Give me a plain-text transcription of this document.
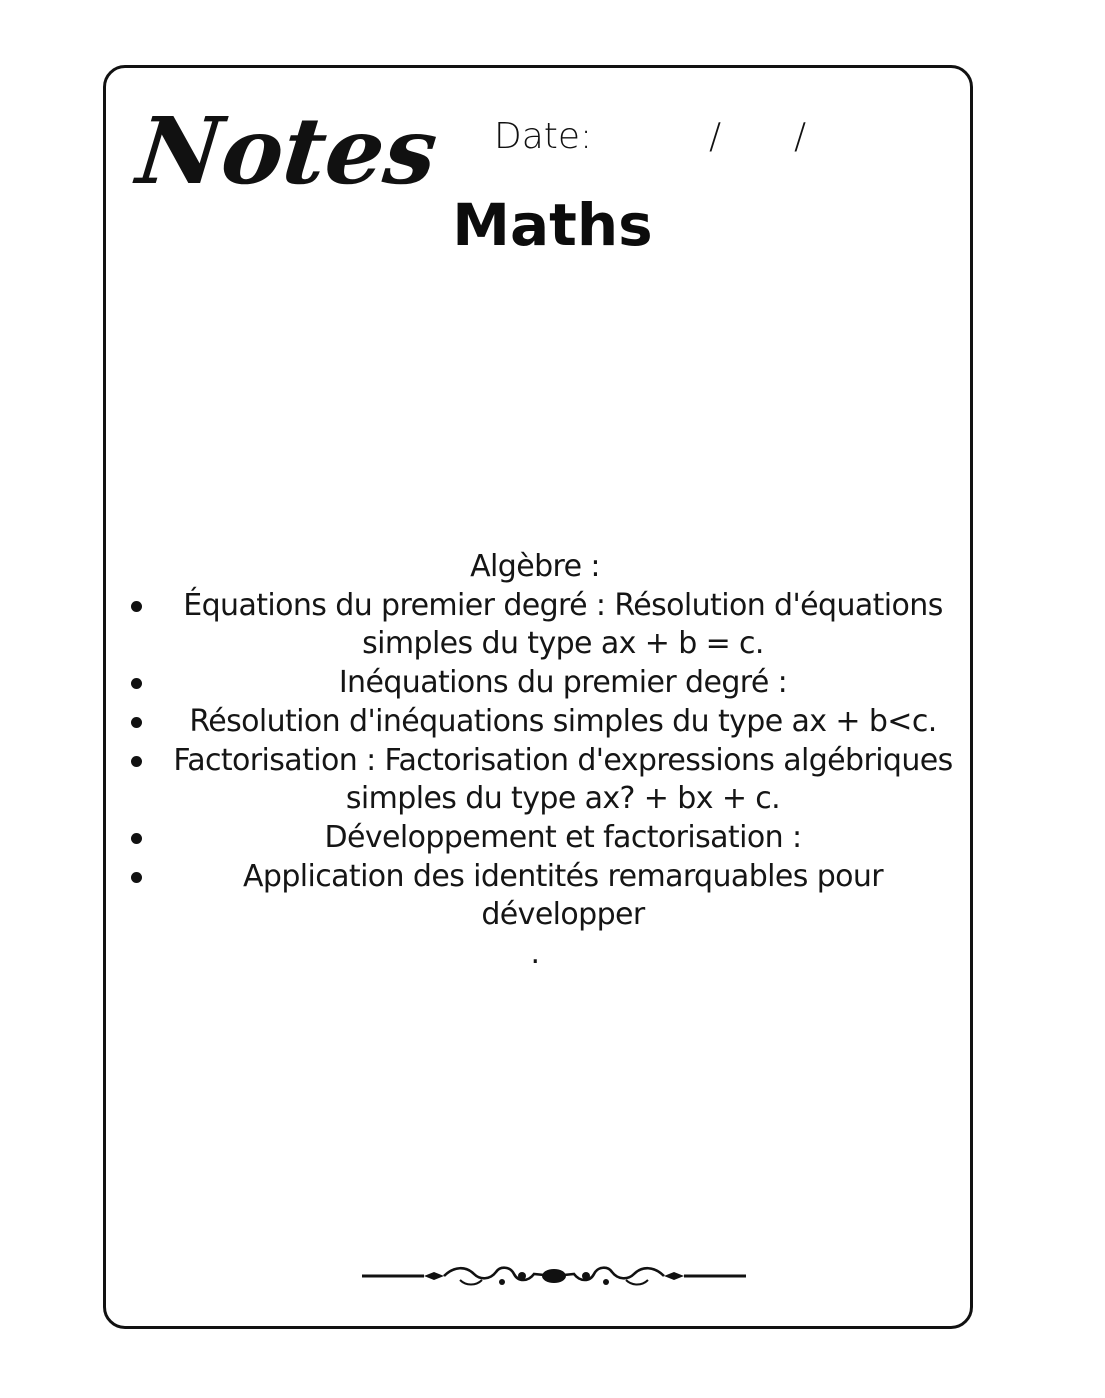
Notes Date:	/ /
Maths
Algèbre :
Équations du premier degré : Résolution d'équations simples du type ax + b = c.
Inéquations du premier degré :
Résolution d'inéquations simples du type ax + b<c.
Factorisation : Factorisation d'expressions algébriques simples du type ax? + bx + c.
Développement et factorisation :
Application des identités remarquables pour développer
.
